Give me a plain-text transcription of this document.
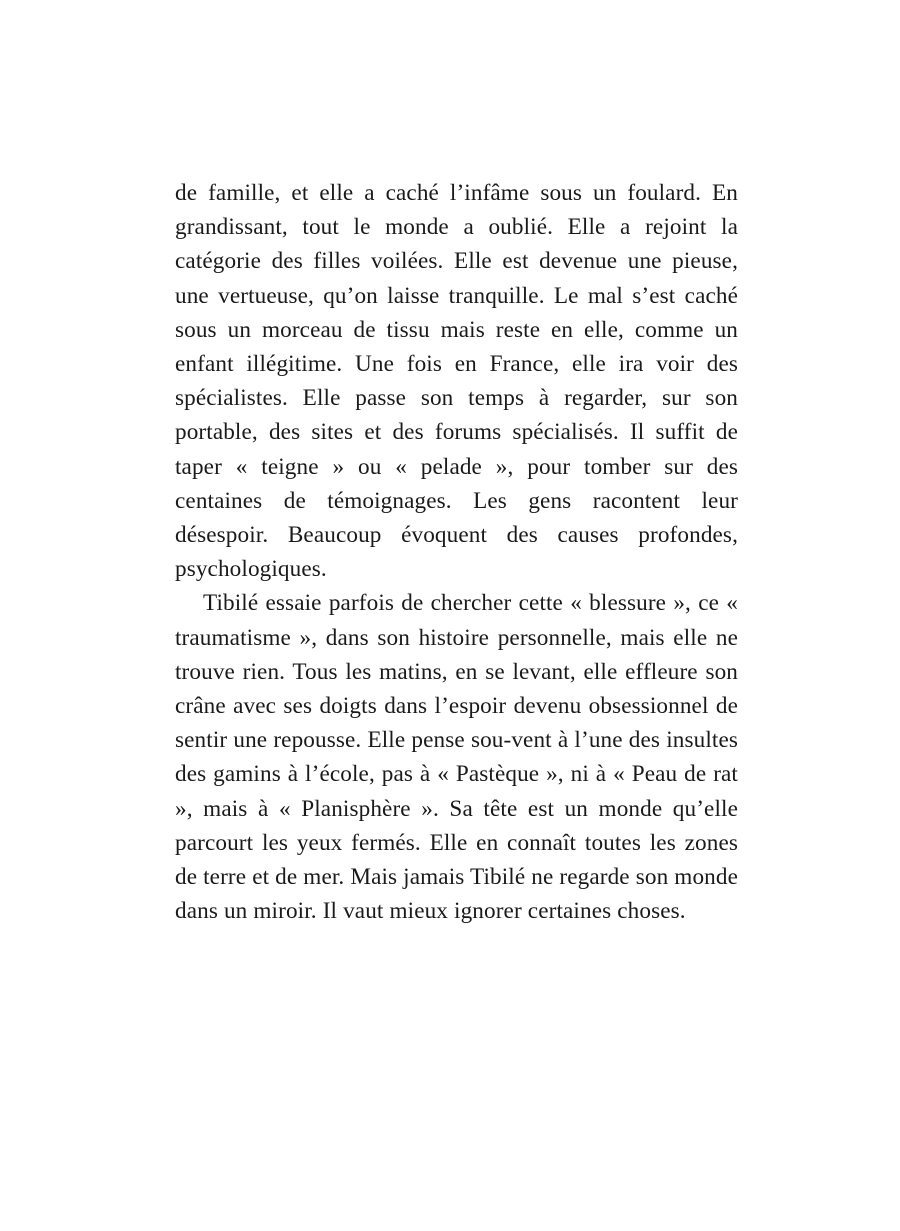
de famille, et elle a caché l’infâme sous un foulard. En grandissant, tout le monde a oublié. Elle a rejoint la catégorie des filles voilées. Elle est devenue une pieuse, une vertueuse, qu’on laisse tranquille. Le mal s’est caché sous un morceau de tissu mais reste en elle, comme un enfant illégitime. Une fois en France, elle ira voir des spécialistes. Elle passe son temps à regarder, sur son portable, des sites et des forums spécialisés. Il suffit de taper « teigne » ou « pelade », pour tomber sur des centaines de témoignages. Les gens racontent leur désespoir. Beaucoup évoquent des causes profondes, psychologiques.

Tibilé essaie parfois de chercher cette « blessure », ce « traumatisme », dans son histoire personnelle, mais elle ne trouve rien. Tous les matins, en se levant, elle effleure son crâne avec ses doigts dans l’espoir devenu obsessionnel de sentir une repousse. Elle pense sou-vent à l’une des insultes des gamins à l’école, pas à « Pastèque », ni à « Peau de rat », mais à « Planisphère ». Sa tête est un monde qu’elle parcourt les yeux fermés. Elle en connaît toutes les zones de terre et de mer. Mais jamais Tibilé ne regarde son monde dans un miroir. Il vaut mieux ignorer certaines choses.
